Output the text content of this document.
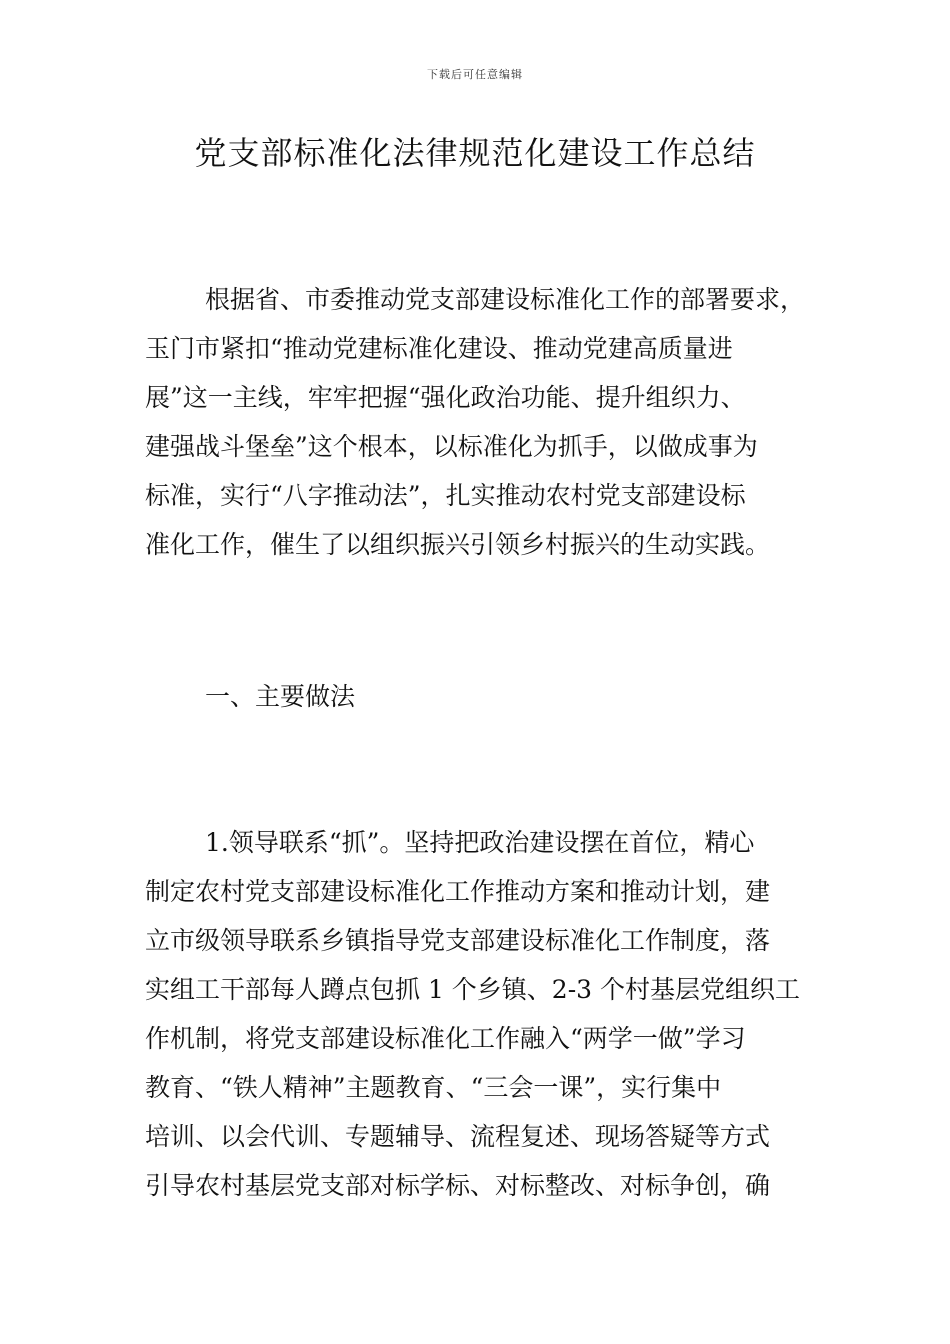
下载后可任意编辑
党支部标准化法律规范化建设工作总结

根据省、市委推动党支部建设标准化工作的部署要求，
玉门市紧扣“推动党建标准化建设、推动党建高质量进
展”这一主线，牢牢把握“强化政治功能、提升组织力、
建强战斗堡垒”这个根本，以标准化为抓手，以做成事为
标准，实行“八字推动法”，扎实推动农村党支部建设标
准化工作，催生了以组织振兴引领乡村振兴的生动实践。

一、主要做法

1.领导联系“抓”。坚持把政治建设摆在首位，精心
制定农村党支部建设标准化工作推动方案和推动计划，建
立市级领导联系乡镇指导党支部建设标准化工作制度，落
实组工干部每人蹲点包抓 1 个乡镇、2-3 个村基层党组织工
作机制，将党支部建设标准化工作融入“两学一做”学习
教育、“铁人精神”主题教育、“三会一课”，实行集中
培训、以会代训、专题辅导、流程复述、现场答疑等方式
引导农村基层党支部对标学标、对标整改、对标争创，确
